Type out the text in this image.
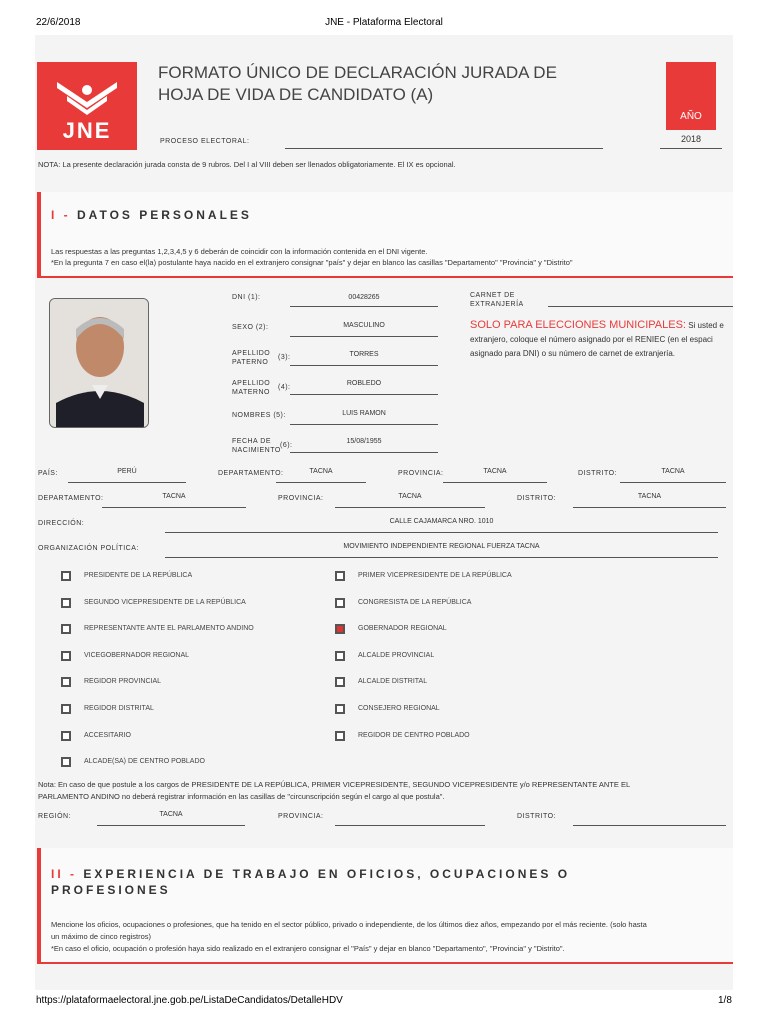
22/6/2018	JNE - Plataforma Electoral
JNE
FORMATO ÚNICO DE DECLARACIÓN JURADA DE
HOJA DE VIDA DE CANDIDATO (A)
AÑO
2018
PROCESO ELECTORAL:
NOTA: La presente declaración jurada consta de 9 rubros. Del I al VIII deben ser llenados obligatoriamente. El IX es opcional.
I - DATOS PERSONALES
Las respuestas a las preguntas 1,2,3,4,5 y 6 deberán de coincidir con la información contenida en el DNI vigente.
*En la pregunta 7 en caso el(la) postulante haya nacido en el extranjero consignar "país" y dejar en blanco las casillas "Departamento" "Provincia" y "Distrito"
DNI (1):	00428265
SEXO (2):	MASCULINO
APELLIDO
PATERNO
(3):	TORRES
APELLIDO
MATERNO
(4):
ROBLEDO
NOMBRES (5):	LUIS RAMON
FECHA DE
NACIMIENTO
(6):
15/08/1955
CARNET DE
EXTRANJERÍA
SOLO PARA ELECCIONES MUNICIPALES: Si usted e
extranjero, coloque el número asignado por el RENIEC (en el espaci
asignado para DNI) o su número de carnet de extranjería.
PAÍS:	PERÚ	DEPARTAMENTO:	TACNA	PROVINCIA:	TACNA	DISTRITO:	TACNA
DEPARTAMENTO:	TACNA	PROVINCIA:	TACNA	DISTRITO:	TACNA
DIRECCIÓN:	CALLE CAJAMARCA NRO. 1010
ORGANIZACIÓN POLÍTICA:	MOVIMIENTO INDEPENDIENTE REGIONAL FUERZA TACNA
PRESIDENTE DE LA REPÚBLICA
SEGUNDO VICEPRESIDENTE DE LA REPÚBLICA
REPRESENTANTE ANTE EL PARLAMENTO ANDINO
VICEGOBERNADOR REGIONAL
REGIDOR PROVINCIAL
REGIDOR DISTRITAL
ACCESITARIO
ALCADE(SA) DE CENTRO POBLADO
PRIMER VICEPRESIDENTE DE LA REPÚBLICA
CONGRESISTA DE LA REPÚBLICA
GOBERNADOR REGIONAL
ALCALDE PROVINCIAL
ALCALDE DISTRITAL
CONSEJERO REGIONAL
REGIDOR DE CENTRO POBLADO
Nota: En caso de que postule a los cargos de PRESIDENTE DE LA REPÚBLICA, PRIMER VICEPRESIDENTE, SEGUNDO VICEPRESIDENTE y/o REPRESENTANTE ANTE EL
PARLAMENTO ANDINO no deberá registrar información en las casillas de "circunscripción según el cargo al que postula".
REGIÓN:	TACNA	PROVINCIA:	DISTRITO:
II - EXPERIENCIA DE TRABAJO EN OFICIOS, OCUPACIONES O
PROFESIONES
Mencione los oficios, ocupaciones o profesiones, que ha tenido en el sector público, privado o independiente, de los últimos diez años, empezando por el más reciente. (solo hasta
un máximo de cinco registros)
*En caso el oficio, ocupación o profesión haya sido realizado en el extranjero consignar el "País" y dejar en blanco "Departamento", "Provincia" y "Distrito".
https://plataformaelectoral.jne.gob.pe/ListaDeCandidatos/DetalleHDV	1/8
